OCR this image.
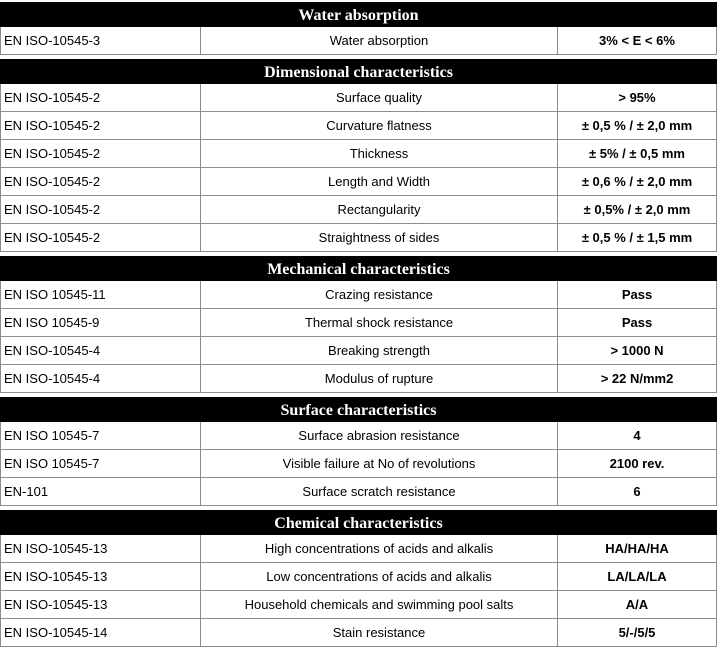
Water absorption
EN ISO-10545-3	Water absorption	3% < E < 6%
Dimensional characteristics
EN ISO-10545-2	Surface quality	> 95%
EN ISO-10545-2	Curvature flatness	± 0,5 % / ± 2,0 mm
EN ISO-10545-2	Thickness	± 5% / ± 0,5 mm
EN ISO-10545-2	Length and Width	± 0,6 % / ± 2,0 mm
EN ISO-10545-2	Rectangularity	± 0,5% / ± 2,0 mm
EN ISO-10545-2	Straightness of sides	± 0,5 % / ± 1,5 mm
Mechanical characteristics
EN ISO 10545-11	Crazing resistance	Pass
EN ISO 10545-9	Thermal shock resistance	Pass
EN ISO-10545-4	Breaking strength	> 1000 N
EN ISO-10545-4	Modulus of rupture	> 22 N/mm2
Surface characteristics
EN ISO 10545-7	Surface abrasion resistance	4
EN ISO 10545-7	Visible failure at No of revolutions	2100 rev.
EN-101	Surface scratch resistance	6
Chemical characteristics
EN ISO-10545-13	High concentrations of acids and alkalis	HA/HA/HA
EN ISO-10545-13	Low concentrations of acids and alkalis	LA/LA/LA
EN ISO-10545-13	Household chemicals and swimming pool salts	A/A
EN ISO-10545-14	Stain resistance	5/-/5/5
